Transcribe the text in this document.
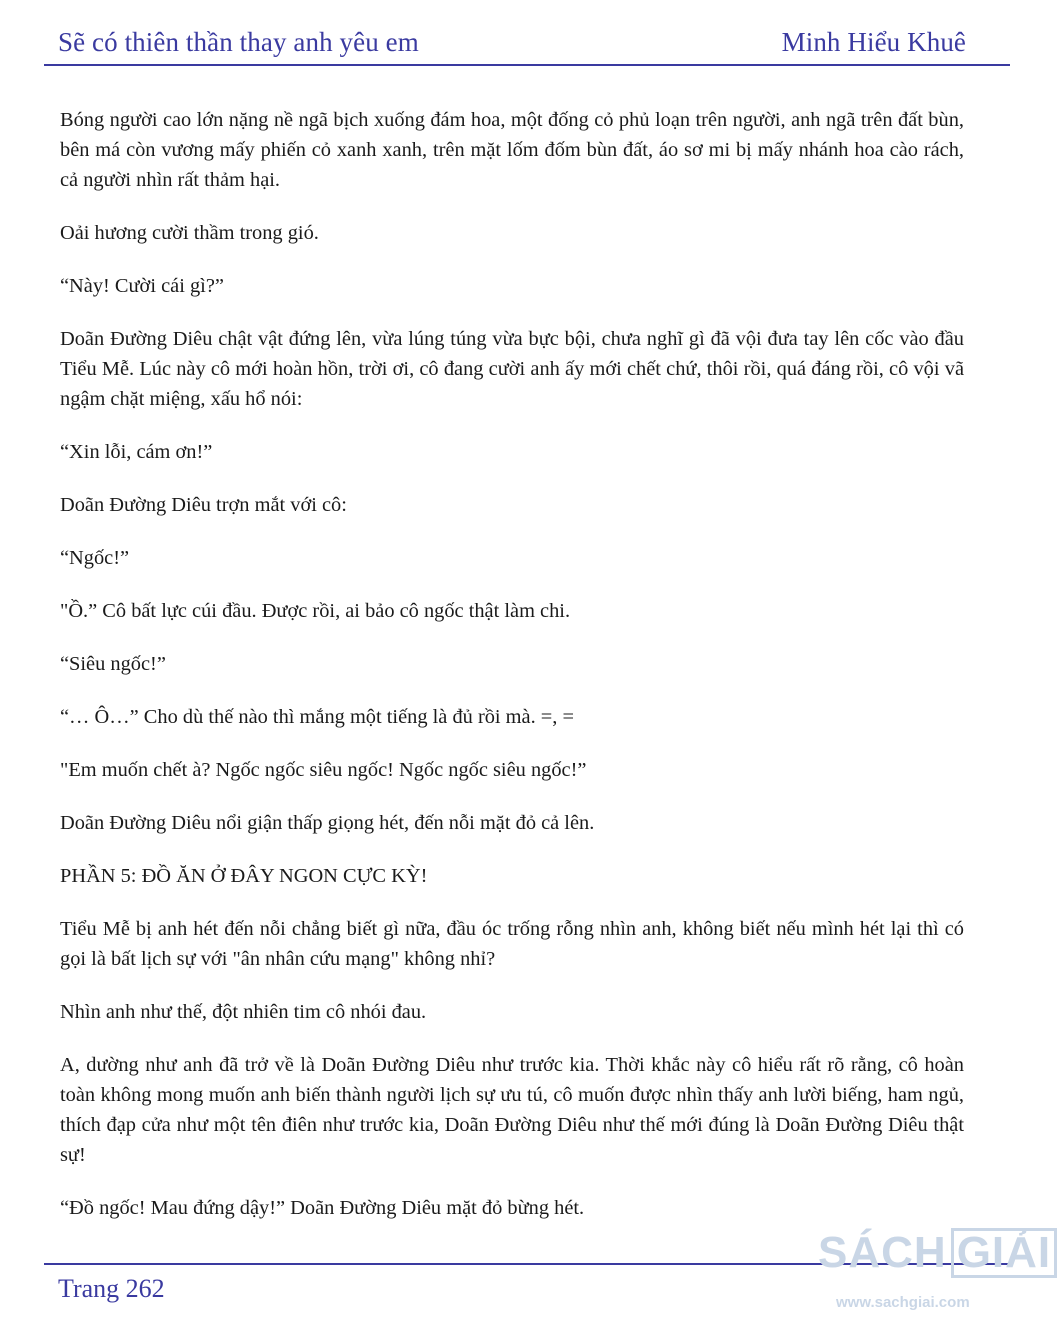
Sẽ có thiên thần thay anh yêu em	Minh Hiểu Khuê

Bóng người cao lớn nặng nề ngã bịch xuống đám hoa, một đống cỏ phủ loạn trên người, anh ngã trên đất bùn, bên má còn vương mấy phiến cỏ xanh xanh, trên mặt lốm đốm bùn đất, áo sơ mi bị mấy nhánh hoa cào rách, cả người nhìn rất thảm hại.

Oải hương cười thầm trong gió.

“Này! Cười cái gì?”

Doãn Đường Diêu chật vật đứng lên, vừa lúng túng vừa bực bội, chưa nghĩ gì đã vội đưa tay lên cốc vào đầu Tiểu Mễ. Lúc này cô mới hoàn hồn, trời ơi, cô đang cười anh ấy mới chết chứ, thôi rồi, quá đáng rồi, cô vội vã ngậm chặt miệng, xấu hổ nói:

“Xin lỗi, cám ơn!”

Doãn Đường Diêu trợn mắt với cô:

“Ngốc!”

"Ồ.” Cô bất lực cúi đầu. Được rồi, ai bảo cô ngốc thật làm chi.

“Siêu ngốc!”

“… Ô…” Cho dù thế nào thì mắng một tiếng là đủ rồi mà. =, =

"Em muốn chết à? Ngốc ngốc siêu ngốc! Ngốc ngốc siêu ngốc!”

Doãn Đường Diêu nổi giận thấp giọng hét, đến nỗi mặt đỏ cả lên.

PHẦN 5: ĐỒ ĂN Ở ĐÂY NGON CỰC KỲ!

Tiểu Mễ bị anh hét đến nỗi chẳng biết gì nữa, đầu óc trống rỗng nhìn anh, không biết nếu mình hét lại thì có gọi là bất lịch sự với "ân nhân cứu mạng" không nhỉ?

Nhìn anh như thế, đột nhiên tim cô nhói đau.

A, dường như anh đã trở về là Doãn Đường Diêu như trước kia. Thời khắc này cô hiểu rất rõ rằng, cô hoàn toàn không mong muốn anh biến thành người lịch sự ưu tú, cô muốn được nhìn thấy anh lười biếng, ham ngủ, thích đạp cửa như một tên điên như trước kia, Doãn Đường Diêu như thế mới đúng là Doãn Đường Diêu thật sự!

“Đồ ngốc! Mau đứng dậy!” Doãn Đường Diêu mặt đỏ bừng hét.

Trang 262
SÁCH GIẢI
www.sachgiai.com
